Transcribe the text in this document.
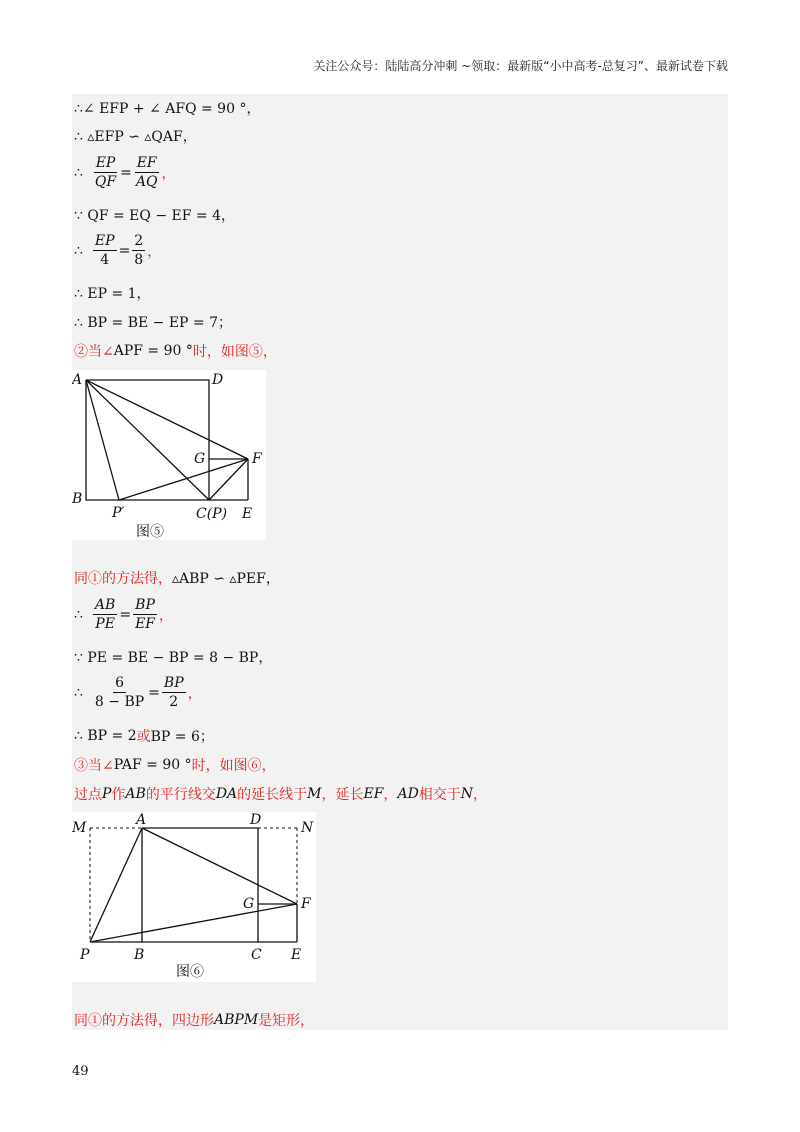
关注公众号：陆陆高分冲刺 ~领取：最新版“小中高考-总复习”、最新试卷下载
∴∠ EFP + ∠ AFQ = 90 °，
∴ ▵EFP ∽ ▵QAF，
∴ $\frac{EP}{QF} = \frac{EF}{AQ}$ ，
∵ QF = EQ − EF = 4，
∴ $\frac{EP}{4} = \frac{2}{8}$ ，
∴ EP = 1，
∴ BP = BE − EP = 7；
②当∠ APF = 90 ° 时，如图⑤，
A	D
G	F
B
P′	C(P) E
图⑤
同①的方法得， ▵ABP ∽ ▵PEF，
∴ $\frac{AB}{PE} = \frac{BP}{EF}$ ，
∵ PE = BE − BP = 8 − BP，
∴ $\frac{6}{8 - BP} = \frac{BP}{2}$ ，
∴ BP = 2 或 BP = 6；
③当∠ PAF = 90 ° 时，如图⑥，
过点 P 作 AB 的平行线交 DA 的延长线于 M ，延长 EF ， AD 相交于 N ，
M	A	D	N
G	F
P	B	C E
图⑥
同①的方法得，四边形 ABPM 是矩形，
49
